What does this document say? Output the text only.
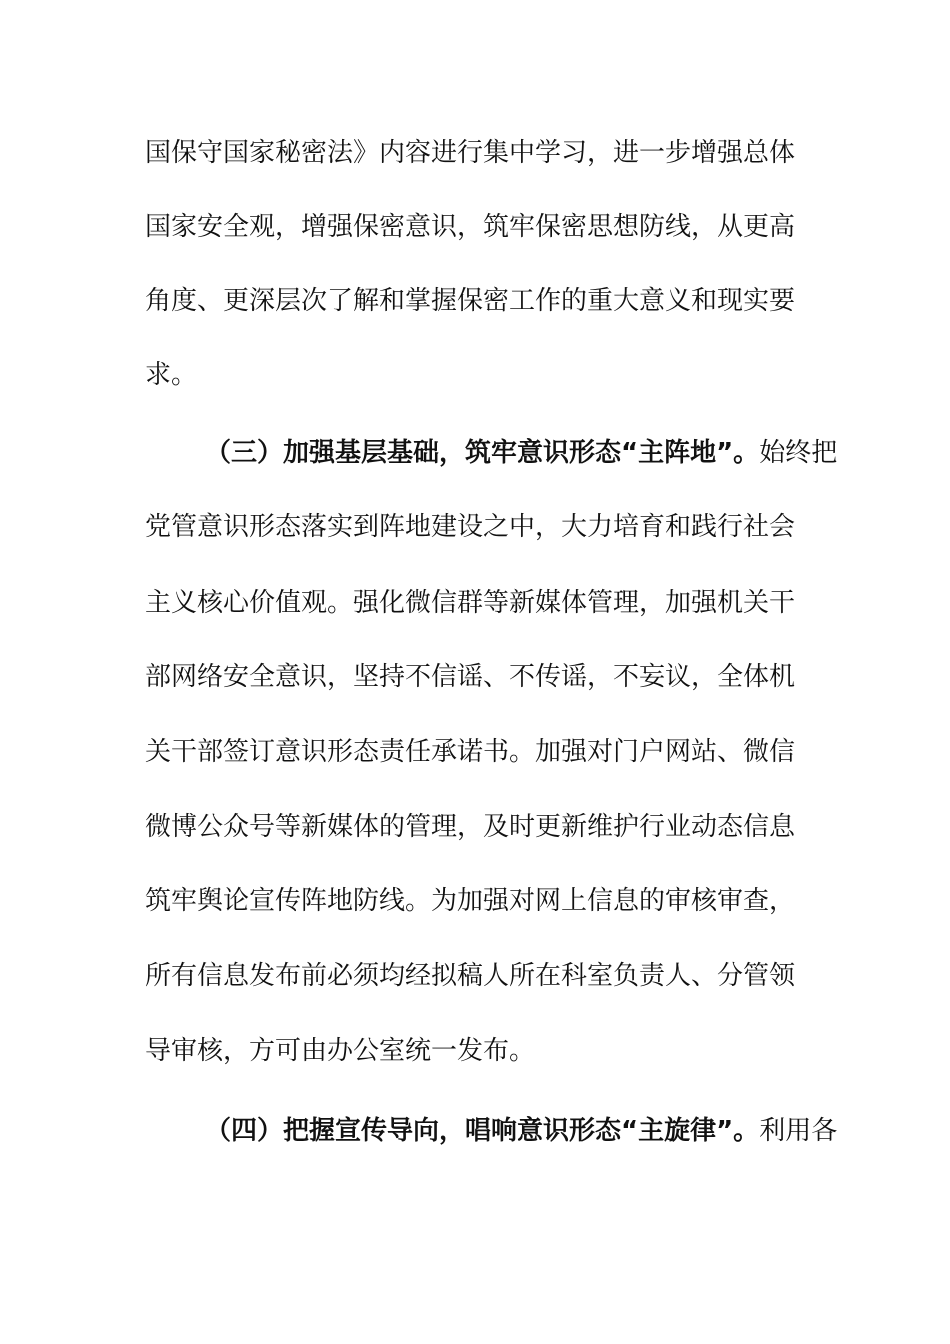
国保守国家秘密法》内容进行集中学习，进一步增强总体
国家安全观，增强保密意识，筑牢保密思想防线，从更高
角度、更深层次了解和掌握保密工作的重大意义和现实要
求。
（三）加强基层基础，筑牢意识形态“主阵地”。始终把
党管意识形态落实到阵地建设之中，大力培育和践行社会
主义核心价值观。强化微信群等新媒体管理，加强机关干
部网络安全意识，坚持不信谣、不传谣，不妄议，全体机
关干部签订意识形态责任承诺书。加强对门户网站、微信
微博公众号等新媒体的管理，及时更新维护行业动态信息
筑牢舆论宣传阵地防线。为加强对网上信息的审核审查，
所有信息发布前必须均经拟稿人所在科室负责人、分管领
导审核，方可由办公室统一发布。
（四）把握宣传导向，唱响意识形态“主旋律”。利用各
